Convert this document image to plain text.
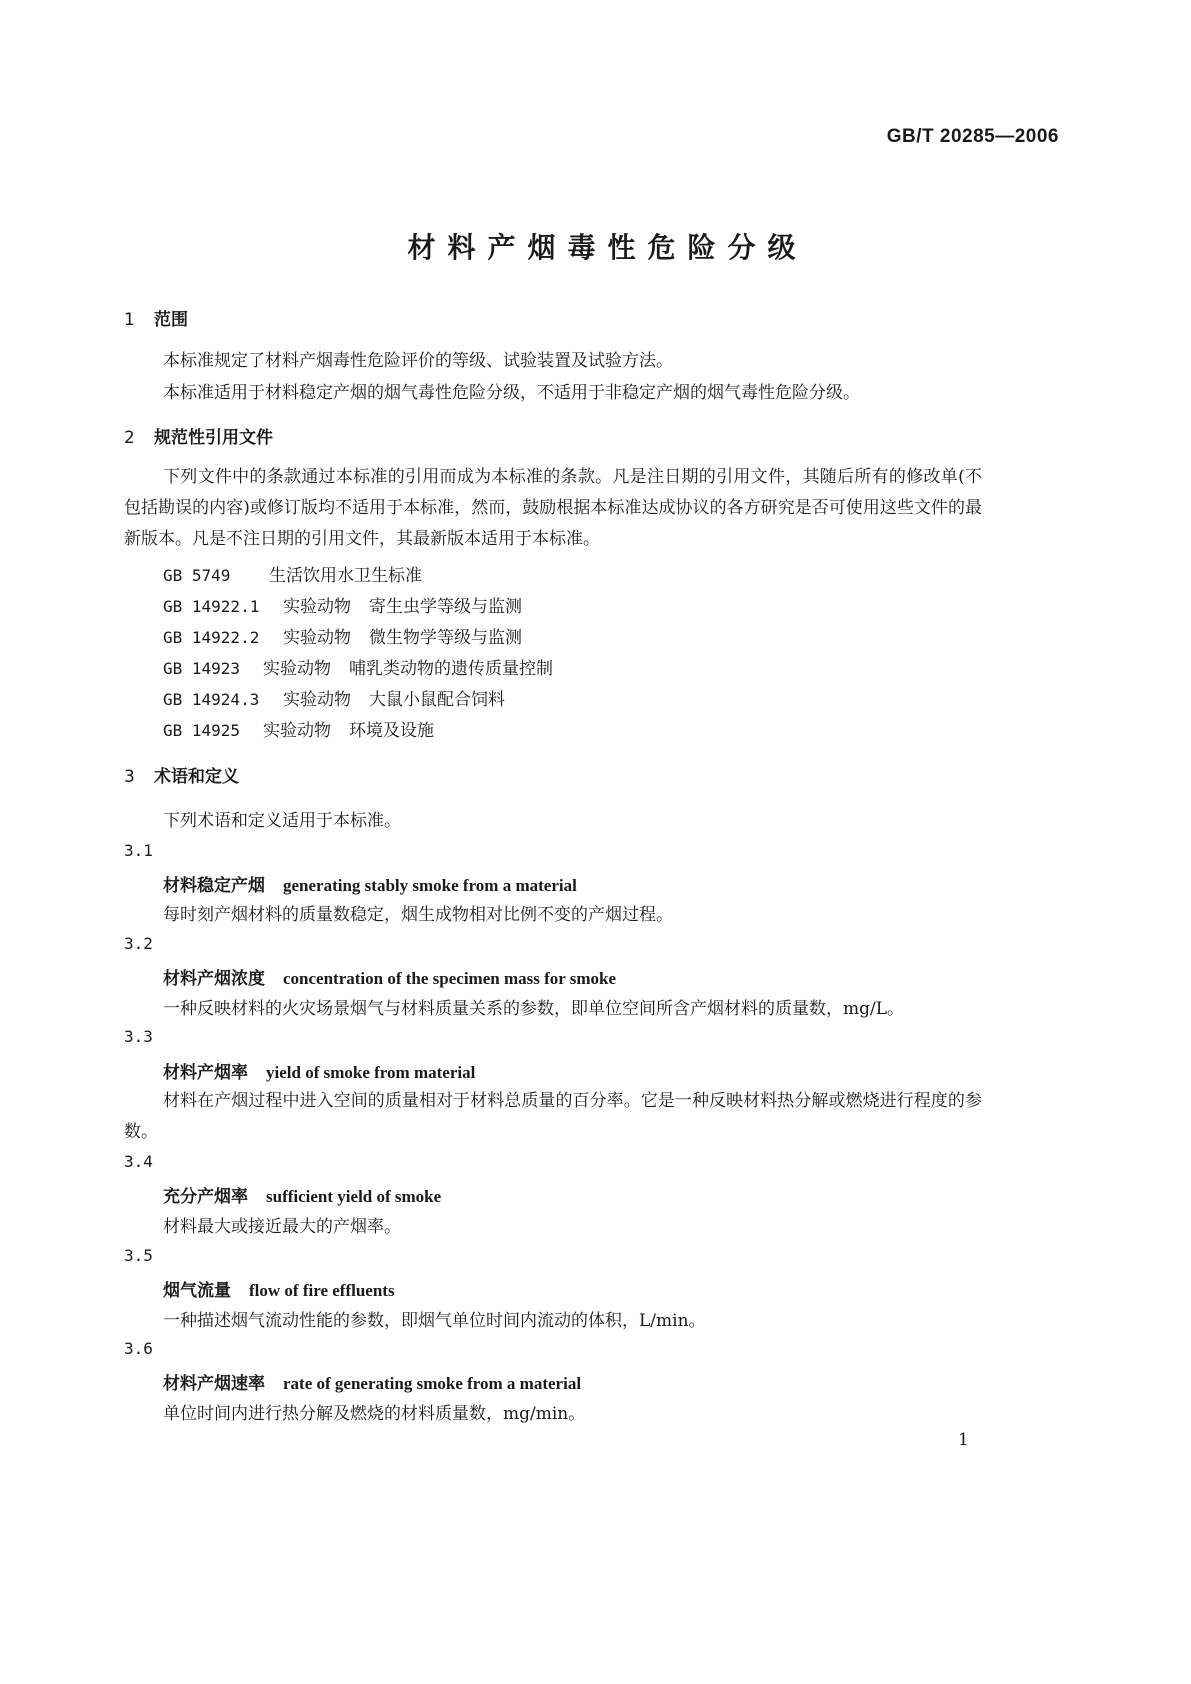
GB/T 20285—2006
材料产烟毒性危险分级
1 范围
本标准规定了材料产烟毒性危险评价的等级、试验装置及试验方法。
本标准适用于材料稳定产烟的烟气毒性危险分级，不适用于非稳定产烟的烟气毒性危险分级。
2 规范性引用文件
下列文件中的条款通过本标准的引用而成为本标准的条款。凡是注日期的引用文件，其随后所有的修改单(不包括勘误的内容)或修订版均不适用于本标准，然而，鼓励根据本标准达成协议的各方研究是否可使用这些文件的最新版本。凡是不注日期的引用文件，其最新版本适用于本标准。
GB 5749 生活饮用水卫生标准
GB 14922.1 实验动物 寄生虫学等级与监测
GB 14922.2 实验动物 微生物学等级与监测
GB 14923 实验动物 哺乳类动物的遗传质量控制
GB 14924.3 实验动物 大鼠小鼠配合饲料
GB 14925 实验动物 环境及设施
3 术语和定义
下列术语和定义适用于本标准。
3.1
材料稳定产烟 generating stably smoke from a material
每时刻产烟材料的质量数稳定，烟生成物相对比例不变的产烟过程。
3.2
材料产烟浓度 concentration of the specimen mass for smoke
一种反映材料的火灾场景烟气与材料质量关系的参数，即单位空间所含产烟材料的质量数，mg/L。
3.3
材料产烟率 yield of smoke from material
材料在产烟过程中进入空间的质量相对于材料总质量的百分率。它是一种反映材料热分解或燃烧进行程度的参数。
3.4
充分产烟率 sufficient yield of smoke
材料最大或接近最大的产烟率。
3.5
烟气流量 flow of fire effluents
一种描述烟气流动性能的参数，即烟气单位时间内流动的体积，L/min。
3.6
材料产烟速率 rate of generating smoke from a material
单位时间内进行热分解及燃烧的材料质量数，mg/min。
1
